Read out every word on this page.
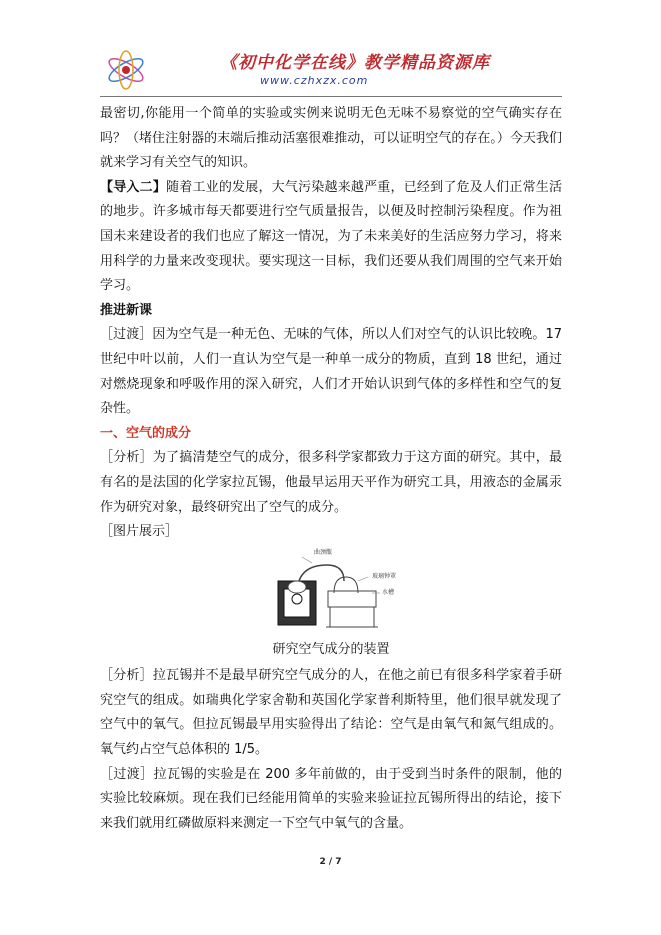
《初中化学在线》教学精品资源库
www.czhxzx.com

最密切,你能用一个简单的实验或实例来说明无色无味不易察觉的空气确实存在吗？（堵住注射器的末端后推动活塞很难推动，可以证明空气的存在。）今天我们就来学习有关空气的知识。

【导入二】随着工业的发展，大气污染越来越严重，已经到了危及人们正常生活的地步。许多城市每天都要进行空气质量报告，以便及时控制污染程度。作为祖国未来建设者的我们也应了解这一情况，为了未来美好的生活应努力学习，将来用科学的力量来改变现状。要实现这一目标，我们还要从我们周围的空气来开始学习。

推进新课

［过渡］因为空气是一种无色、无味的气体，所以人们对空气的认识比较晚。17世纪中叶以前，人们一直认为空气是一种单一成分的物质，直到 18 世纪，通过对燃烧现象和呼吸作用的深入研究，人们才开始认识到气体的多样性和空气的复杂性。

一、空气的成分

［分析］为了搞清楚空气的成分，很多科学家都致力于这方面的研究。其中，最有名的是法国的化学家拉瓦锡，他最早运用天平作为研究工具，用液态的金属汞作为研究对象，最终研究出了空气的成分。

［图片展示］

曲颈甑
玻璃钟罩
水槽

研究空气成分的装置

［分析］拉瓦锡并不是最早研究空气成分的人，在他之前已有很多科学家着手研究空气的组成。如瑞典化学家舍勒和英国化学家普利斯特里，他们很早就发现了空气中的氧气。但拉瓦锡最早用实验得出了结论：空气是由氧气和氮气组成的。氧气约占空气总体积的 1/5。

［过渡］拉瓦锡的实验是在 200 多年前做的，由于受到当时条件的限制，他的实验比较麻烦。现在我们已经能用简单的实验来验证拉瓦锡所得出的结论，接下来我们就用红磷做原料来测定一下空气中氧气的含量。

2 / 7
